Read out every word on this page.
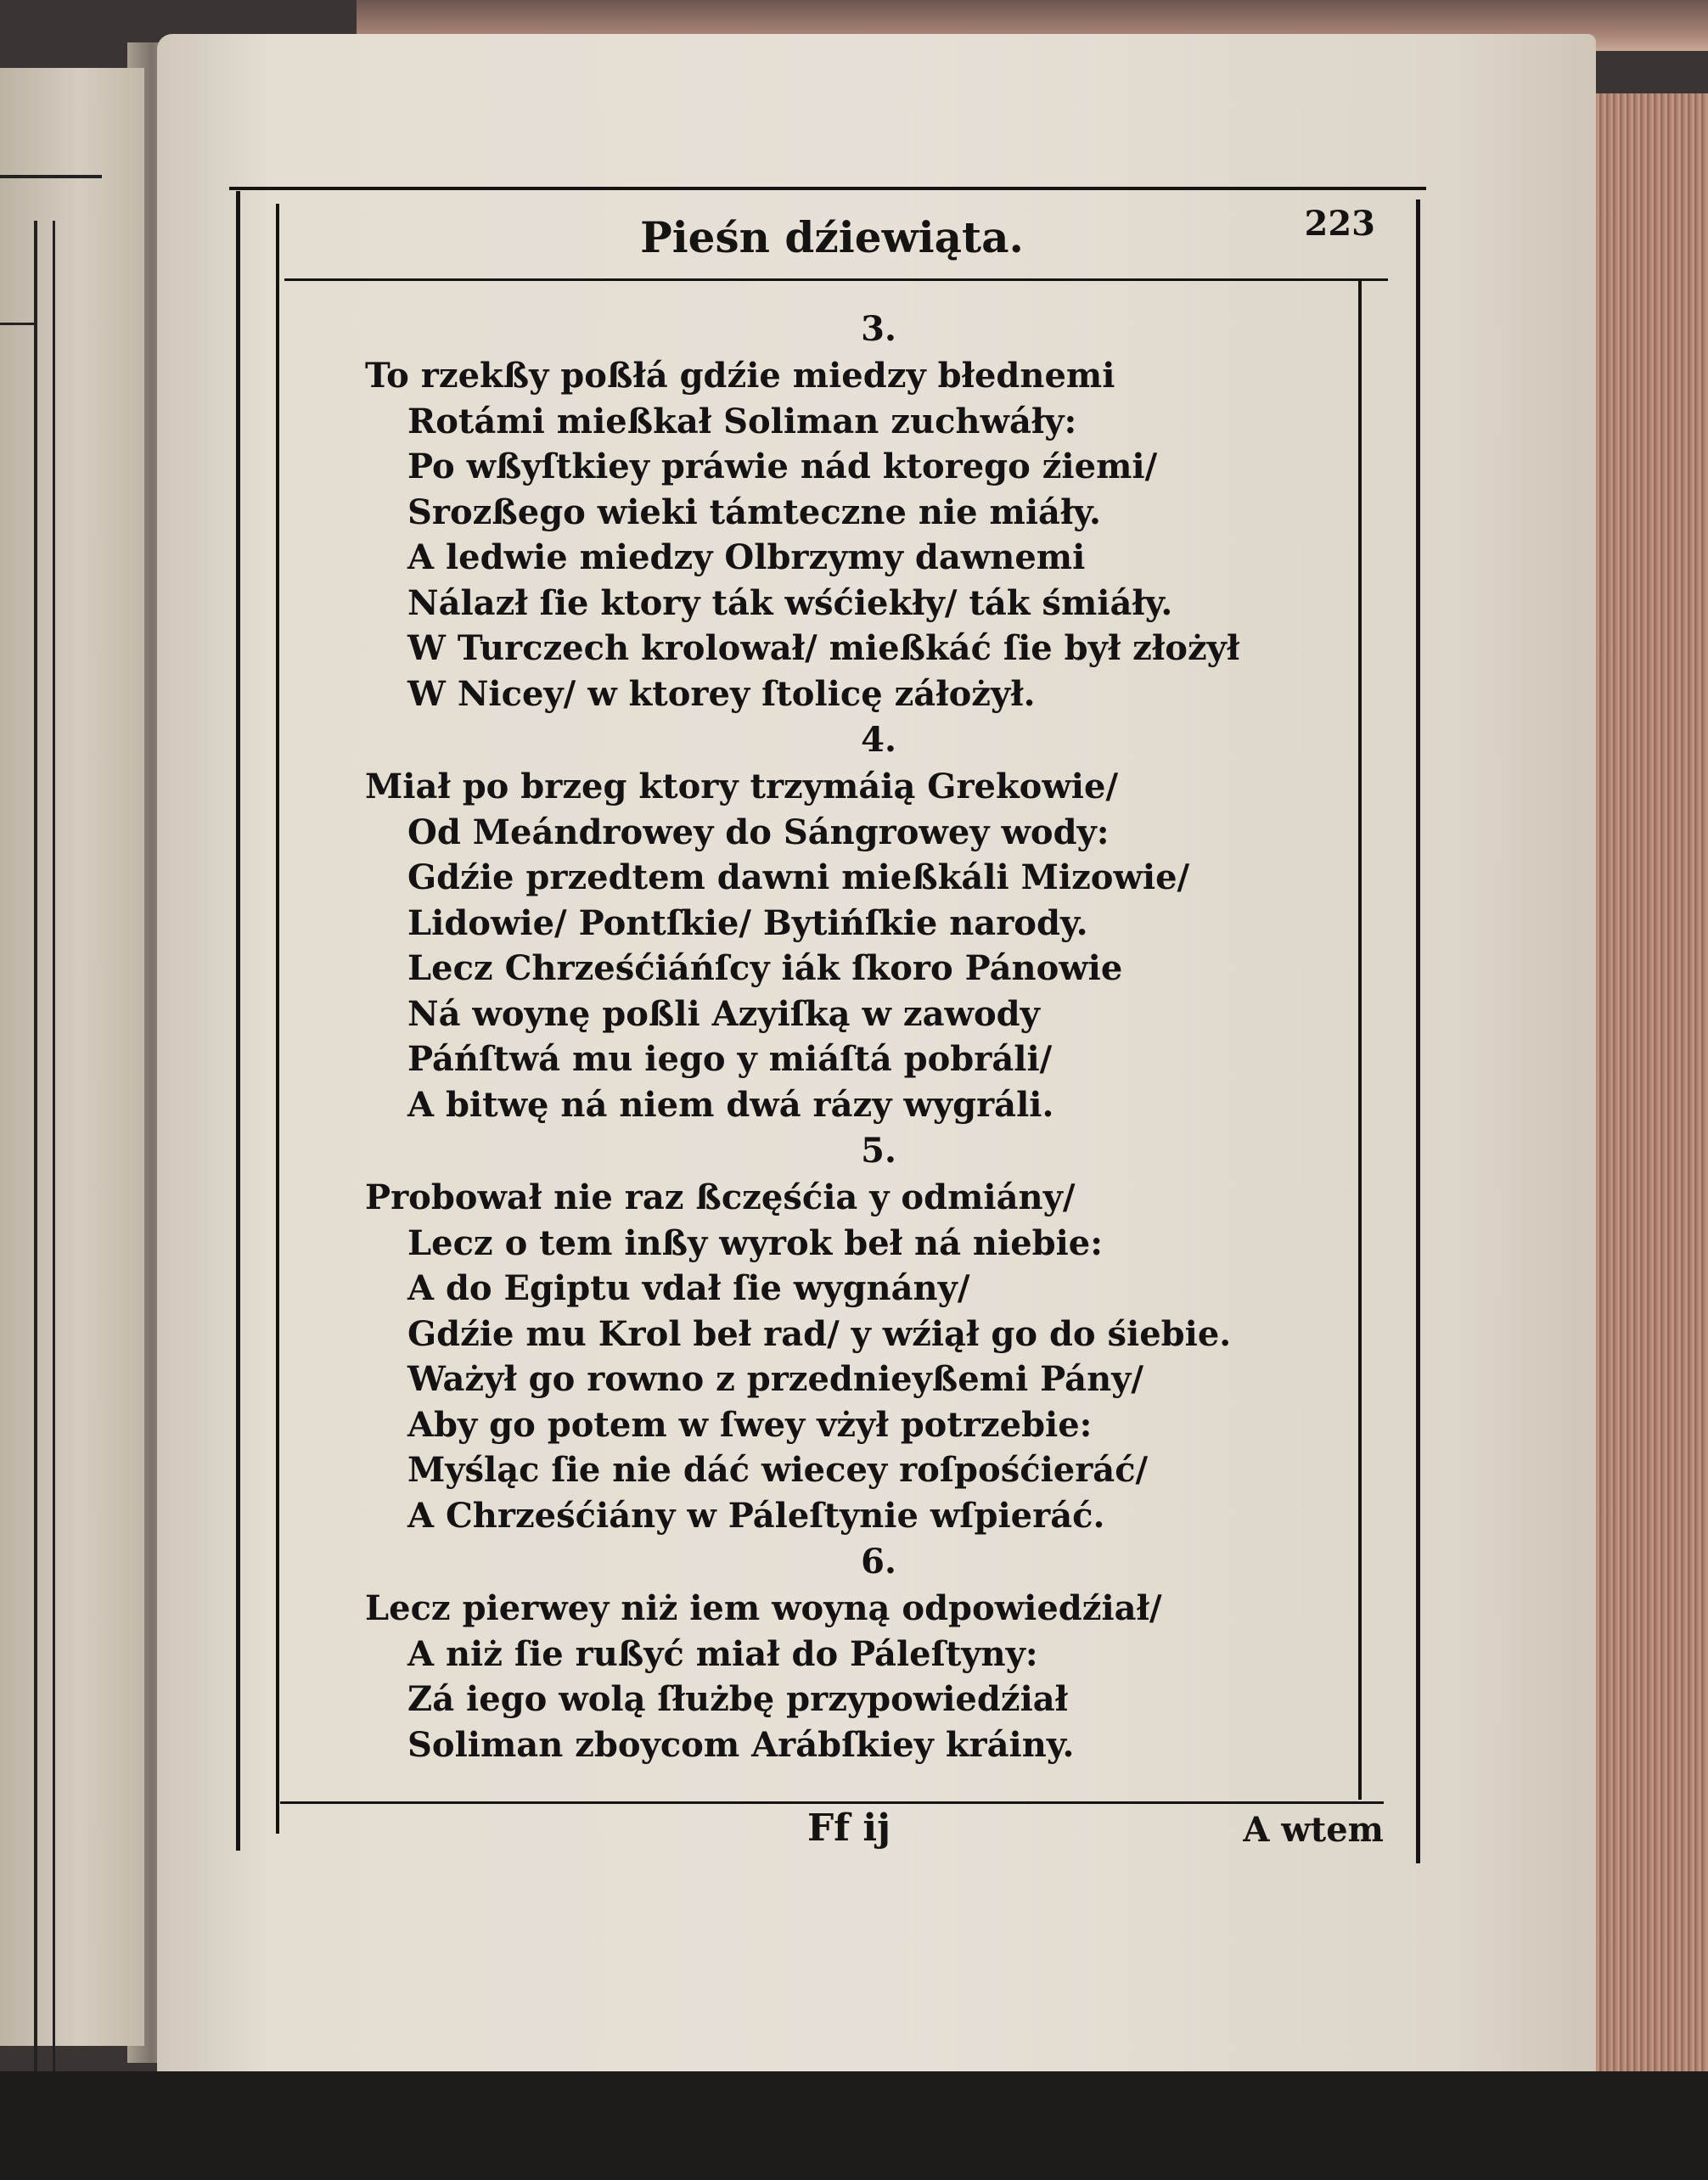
Pieśn dźiewiąta.	223
3.
To rzekßy poßłá gdźie miedzy błednemi
Rotámi mießkał Soliman zuchwáły:
Po wßyſtkiey práwie nád ktorego źiemi/
Srozßego wieki támteczne nie miáły.
A ledwie miedzy Olbrzymy dawnemi
Nálazł ſie ktory ták wśćiekły/ ták śmiáły.
W Turczech krolował/ mießkáć ſie był złożył
W Nicey/ w ktorey ſtolicę záłożył.
4.
Miał po brzeg ktory trzymáią Grekowie/
Od Meándrowey do Sángrowey wody:
Gdźie przedtem dawni mießkáli Mizowie/
Lidowie/ Pontſkie/ Bytińſkie narody.
Lecz Chrześćiáńſcy iák ſkoro Pánowie
Ná woynę poßli Azyiſką w zawody
Páńſtwá mu iego y miáſtá pobráli/
A bitwę ná niem dwá rázy wygráli.
5.
Probował nie raz ßczęśćia y odmiány/
Lecz o tem inßy wyrok beł ná niebie:
A do Egiptu vdał ſie wygnány/
Gdźie mu Krol beł rad/ y wźiął go do śiebie.
Ważył go rowno z przednieyßemi Pány/
Aby go potem w ſwey vżył potrzebie:
Myśląc ſie nie dáć wiecey roſpośćieráć/
A Chrześćiány w Páleſtynie wſpieráć.
6.
Lecz pierwey niż iem woyną odpowiedźiał/
A niż ſie rußyć miał do Páleſtyny:
Zá iego wolą ſłużbę przypowiedźiał
Soliman zboycom Arábſkiey kráiny.
Ff ij	A wtem
